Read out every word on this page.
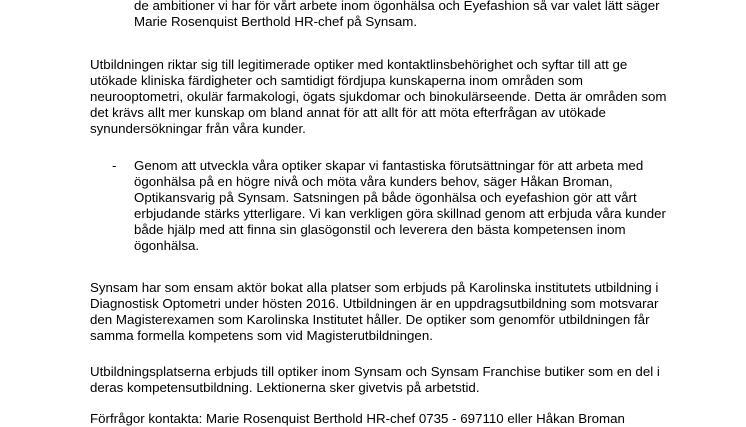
de ambitioner vi har för vårt arbete inom ögonhälsa och Eyefashion så var valet lätt säger
Marie Rosenquist Berthold HR-chef på Synsam.
Utbildningen riktar sig till legitimerade optiker med kontaktlinsbehörighet och syftar till att ge
utökade kliniska färdigheter och samtidigt fördjupa kunskaperna inom områden som
neurooptometri, okulär farmakologi, ögats sjukdomar och binokulärseende. Detta är områden som
det krävs allt mer kunskap om bland annat för att allt för att möta efterfrågan av utökade
synundersökningar från våra kunder.
- Genom att utveckla våra optiker skapar vi fantastiska förutsättningar för att arbeta med
ögonhälsa på en högre nivå och möta våra kunders behov, säger Håkan Broman,
Optikansvarig på Synsam. Satsningen på både ögonhälsa och eyefashion gör att vårt
erbjudande stärks ytterligare. Vi kan verkligen göra skillnad genom att erbjuda våra kunder
både hjälp med att finna sin glasögonstil och leverera den bästa kompetensen inom
ögonhälsa.
Synsam har som ensam aktör bokat alla platser som erbjuds på Karolinska institutets utbildning i
Diagnostisk Optometri under hösten 2016. Utbildningen är en uppdragsutbildning som motsvarar
den Magisterexamen som Karolinska Institutet håller. De optiker som genomför utbildningen får
samma formella kompetens som vid Magisterutbildningen.
Utbildningsplatserna erbjuds till optiker inom Synsam och Synsam Franchise butiker som en del i
deras kompetensutbildning. Lektionerna sker givetvis på arbetstid.
Förfrågor kontakta: Marie Rosenquist Berthold HR-chef 0735 - 697110 eller Håkan Broman
